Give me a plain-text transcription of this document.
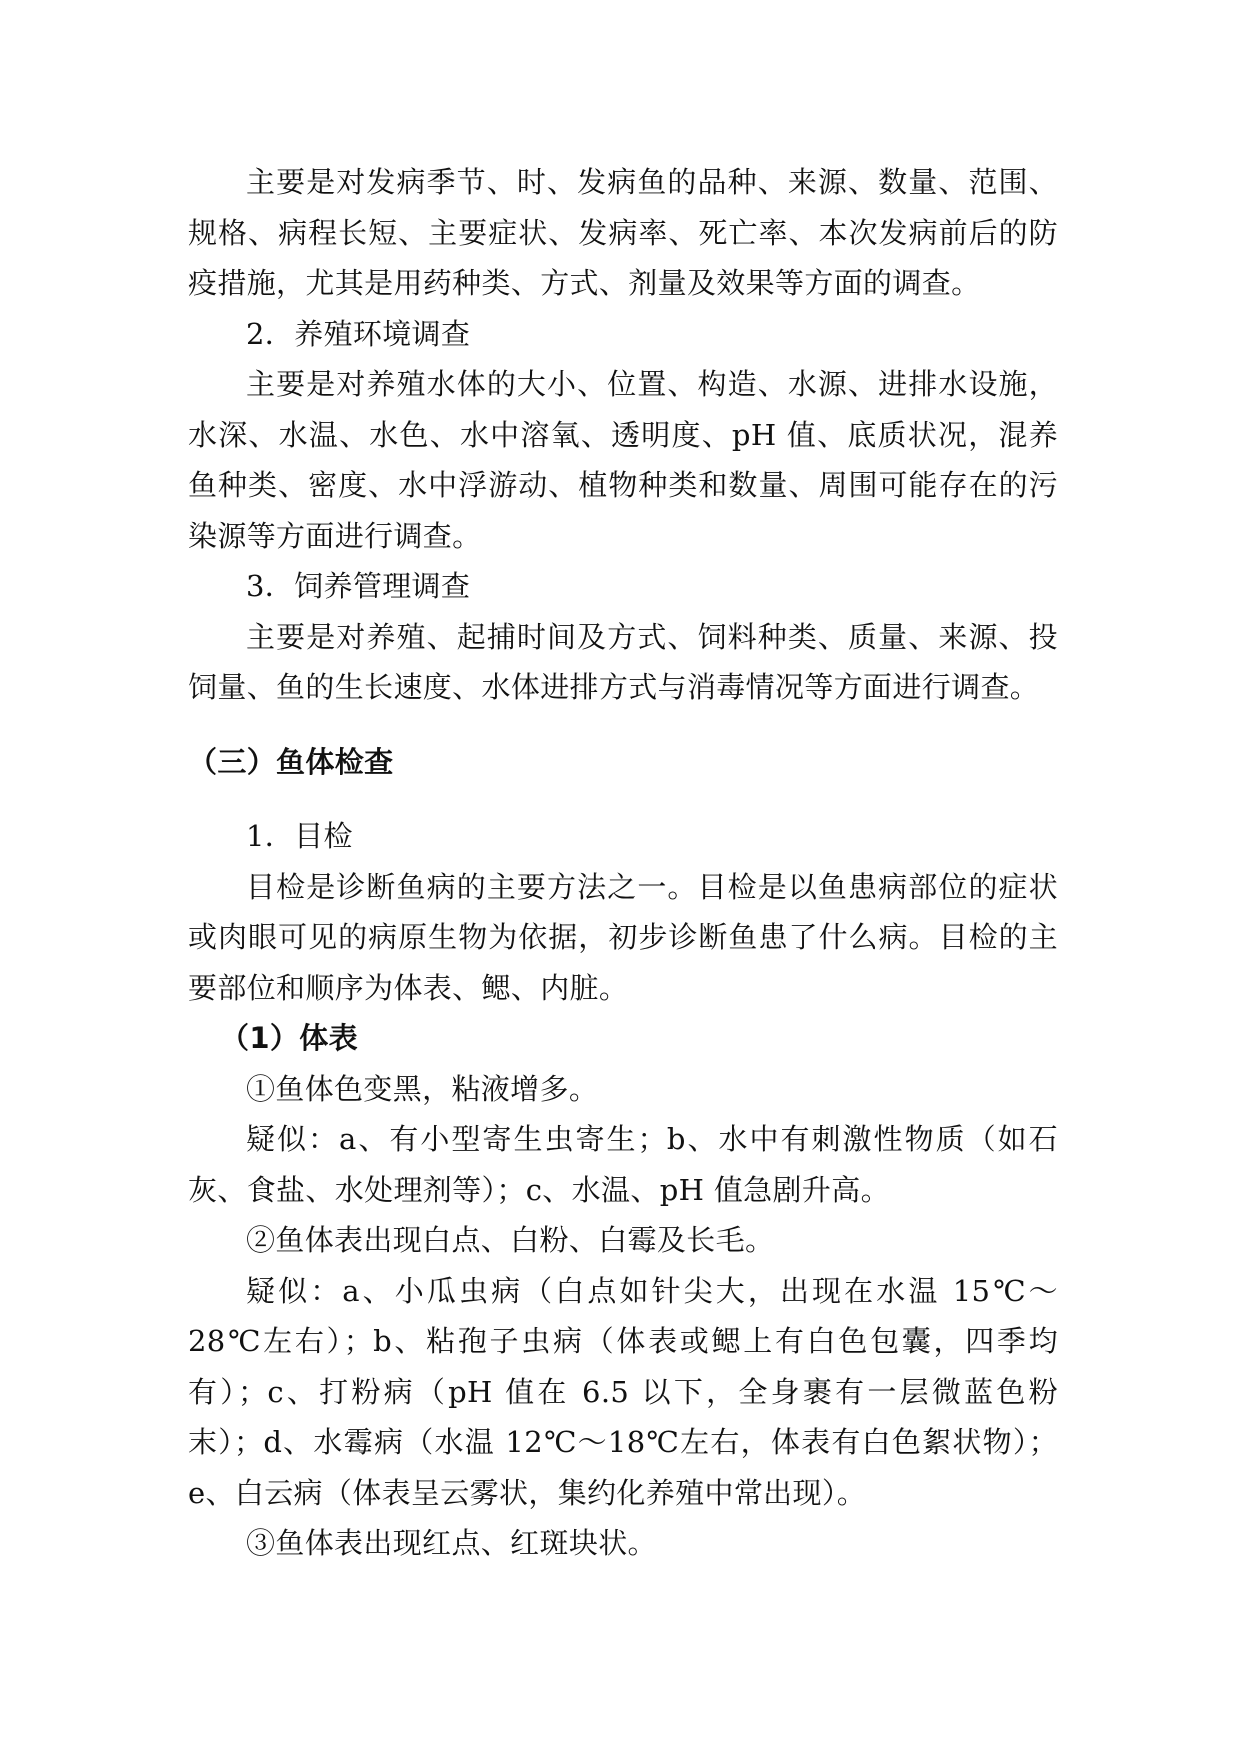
主要是对发病季节、时、发病鱼的品种、来源、数量、范围、规格、病程长短、主要症状、发病率、死亡率、本次发病前后的防疫措施，尤其是用药种类、方式、剂量及效果等方面的调查。

2．养殖环境调查

主要是对养殖水体的大小、位置、构造、水源、进排水设施，水深、水温、水色、水中溶氧、透明度、pH 值、底质状况，混养鱼种类、密度、水中浮游动、植物种类和数量、周围可能存在的污染源等方面进行调查。

3．饲养管理调查

主要是对养殖、起捕时间及方式、饲料种类、质量、来源、投饲量、鱼的生长速度、水体进排方式与消毒情况等方面进行调查。

（三）鱼体检查

1．目检

目检是诊断鱼病的主要方法之一。目检是以鱼患病部位的症状或肉眼可见的病原生物为依据，初步诊断鱼患了什么病。目检的主要部位和顺序为体表、鳃、内脏。

（1）体表

①鱼体色变黑，粘液增多。

疑似：a、有小型寄生虫寄生；b、水中有刺激性物质（如石灰、食盐、水处理剂等）；c、水温、pH 值急剧升高。

②鱼体表出现白点、白粉、白霉及长毛。

疑似：a、小瓜虫病（白点如针尖大，出现在水温 15℃～28℃左右）；b、粘孢子虫病（体表或鳃上有白色包囊，四季均有）；c、打粉病（pH 值在 6.5 以下，全身裹有一层微蓝色粉末）；d、水霉病（水温 12℃～18℃左右，体表有白色絮状物）；e、白云病（体表呈云雾状，集约化养殖中常出现）。

③鱼体表出现红点、红斑块状。
